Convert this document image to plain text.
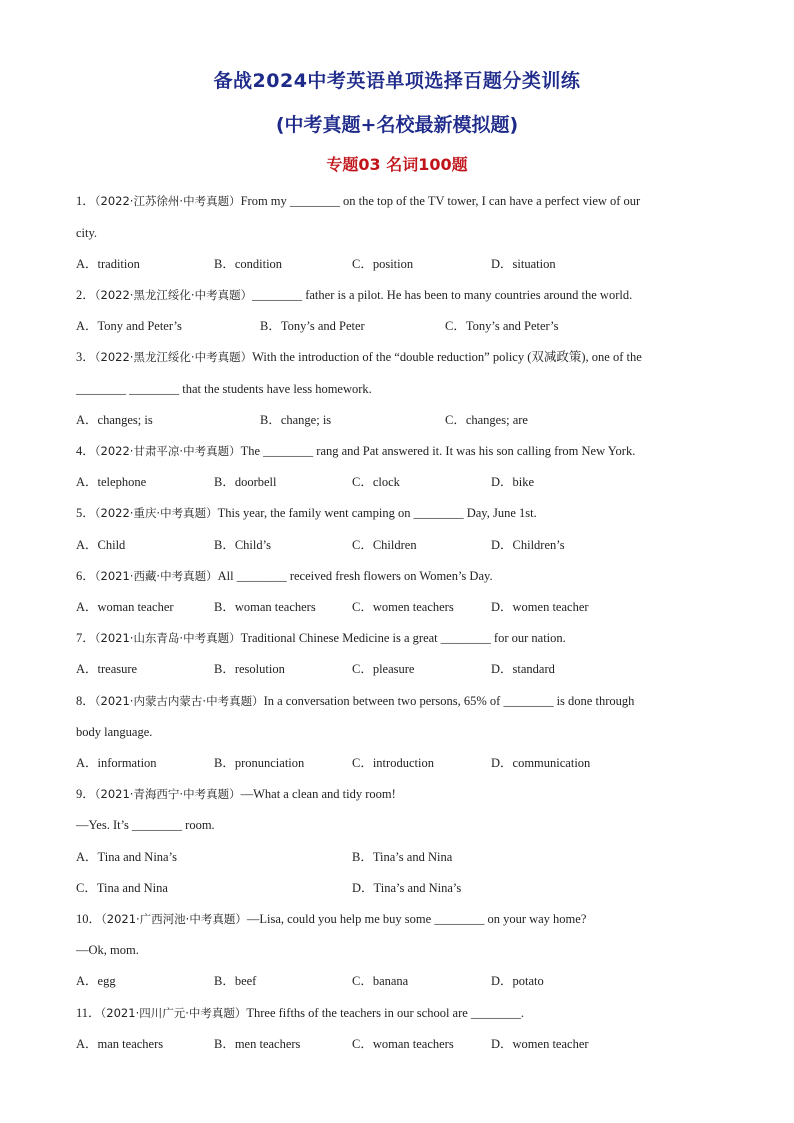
备战2024中考英语单项选择百题分类训练
(中考真题+名校最新模拟题)
专题03 名词100题
1．（2022·江苏徐州·中考真题）From my ________ on the top of the TV tower, I can have a perfect view of our
city.
A．tradition	B．condition	C．position	D．situation
2．（2022·黑龙江绥化·中考真题）________ father is a pilot. He has been to many countries around the world.
A．Tony and Peter’s	B．Tony’s and Peter	C．Tony’s and Peter’s
3．（2022·黑龙江绥化·中考真题）With the introduction of the “double reduction” policy (双减政策), one of the
________ ________ that the students have less homework.
A．changes; is	B．change; is	C．changes; are
4．（2022·甘肃平凉·中考真题）The ________ rang and Pat answered it. It was his son calling from New York.
A．telephone	B．doorbell	C．clock	D．bike
5．（2022·重庆·中考真题）This year, the family went camping on ________ Day, June 1st.
A．Child	B．Child’s	C．Children	D．Children’s
6．（2021·西藏·中考真题）All ________ received fresh flowers on Women’s Day.
A．woman teacher	B．woman teachers	C．women teachers	D．women teacher
7．（2021·山东青岛·中考真题）Traditional Chinese Medicine is a great ________ for our nation.
A．treasure	B．resolution	C．pleasure	D．standard
8．（2021·内蒙古内蒙古·中考真题）In a conversation between two persons, 65% of ________ is done through
body language.
A．information	B．pronunciation	C．introduction	D．communication
9．（2021·青海西宁·中考真题）—What a clean and tidy room!
—Yes. It’s ________ room.
A．Tina and Nina’s	B．Tina’s and Nina
C．Tina and Nina	D．Tina’s and Nina’s
10．（2021·广西河池·中考真题）—Lisa, could you help me buy some ________ on your way home?
—Ok, mom.
A．egg	B．beef	C．banana	D．potato
11．（2021·四川广元·中考真题）Three fifths of the teachers in our school are ________.
A．man teachers	B．men teachers	C．woman teachers	D．women teacher
